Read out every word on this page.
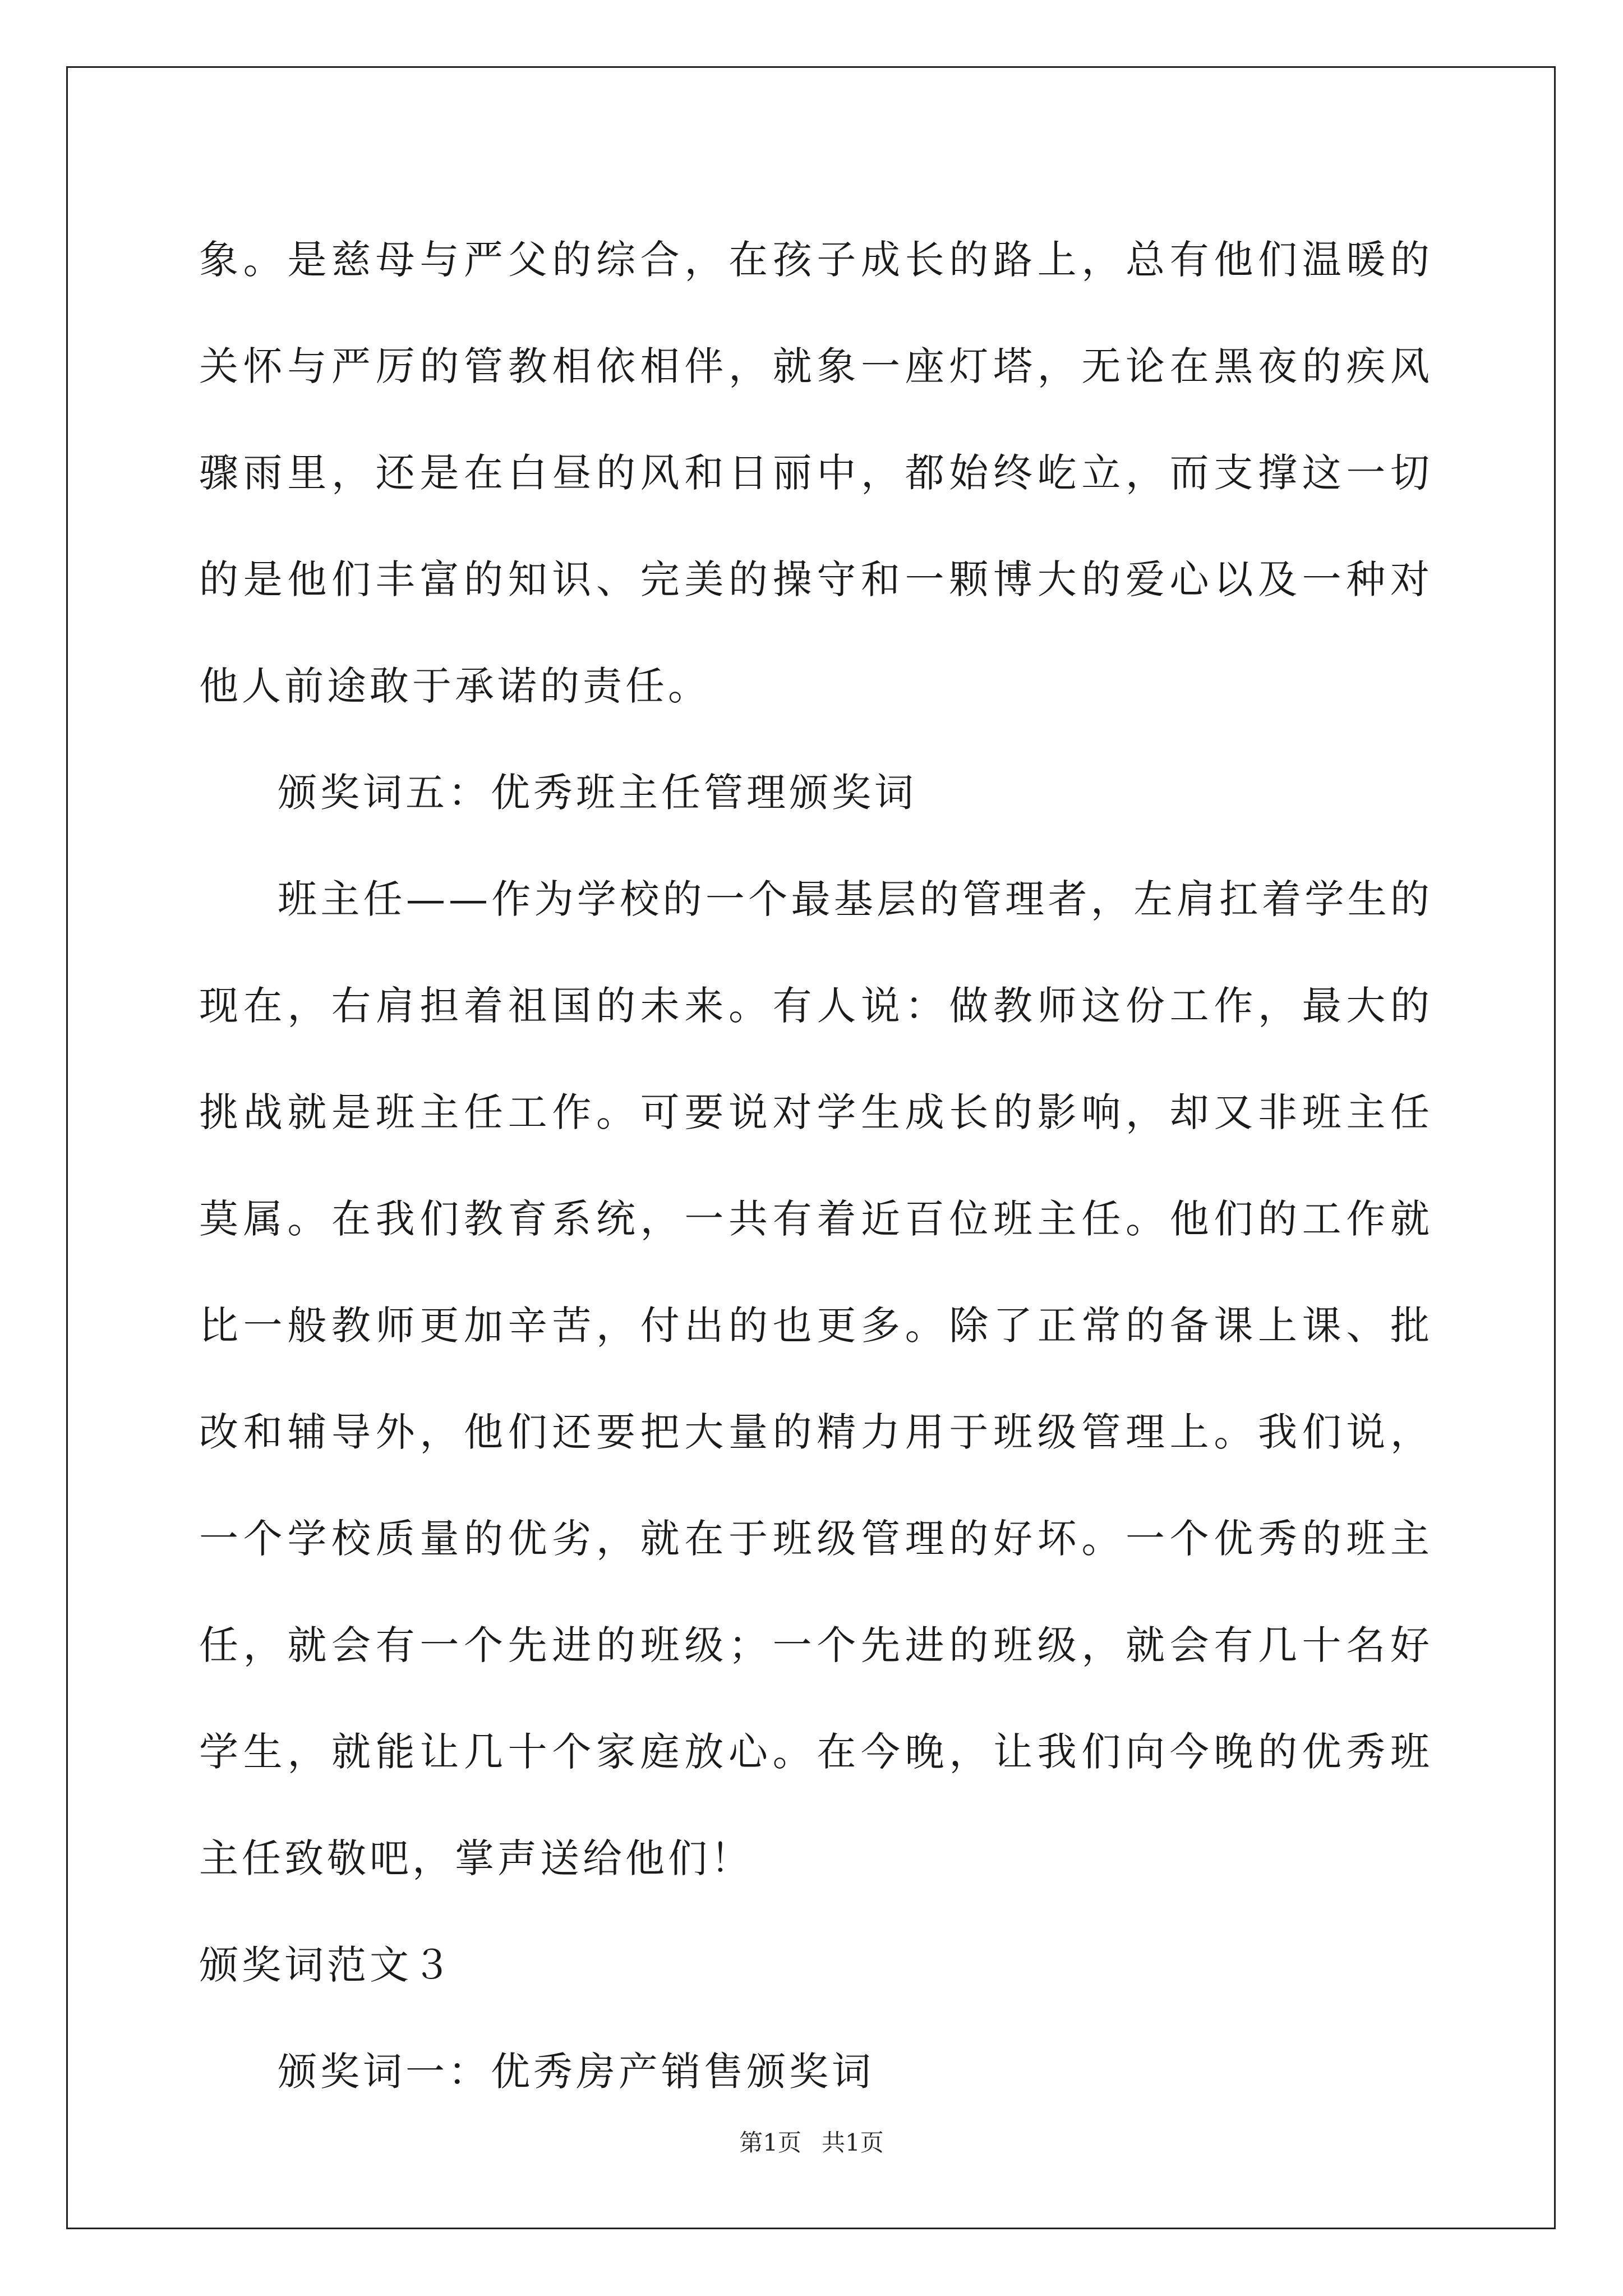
象。是慈母与严父的综合，在孩子成长的路上，总有他们温暖的关怀与严厉的管教相依相伴，就象一座灯塔，无论在黑夜的疾风骤雨里，还是在白昼的风和日丽中，都始终屹立，而支撑这一切的是他们丰富的知识、完美的操守和一颗博大的爱心以及一种对他人前途敢于承诺的责任。

颁奖词五：优秀班主任管理颁奖词

班主任——作为学校的一个最基层的管理者，左肩扛着学生的现在，右肩担着祖国的未来。有人说：做教师这份工作，最大的挑战就是班主任工作。可要说对学生成长的影响，却又非班主任莫属。在我们教育系统，一共有着近百位班主任。他们的工作就比一般教师更加辛苦，付出的也更多。除了正常的备课上课、批改和辅导外，他们还要把大量的精力用于班级管理上。我们说，一个学校质量的优劣，就在于班级管理的好坏。一个优秀的班主任，就会有一个先进的班级；一个先进的班级，就会有几十名好学生，就能让几十个家庭放心。在今晚，让我们向今晚的优秀班主任致敬吧，掌声送给他们！

颁奖词范文３

颁奖词一：优秀房产销售颁奖词

第1页 共1页
